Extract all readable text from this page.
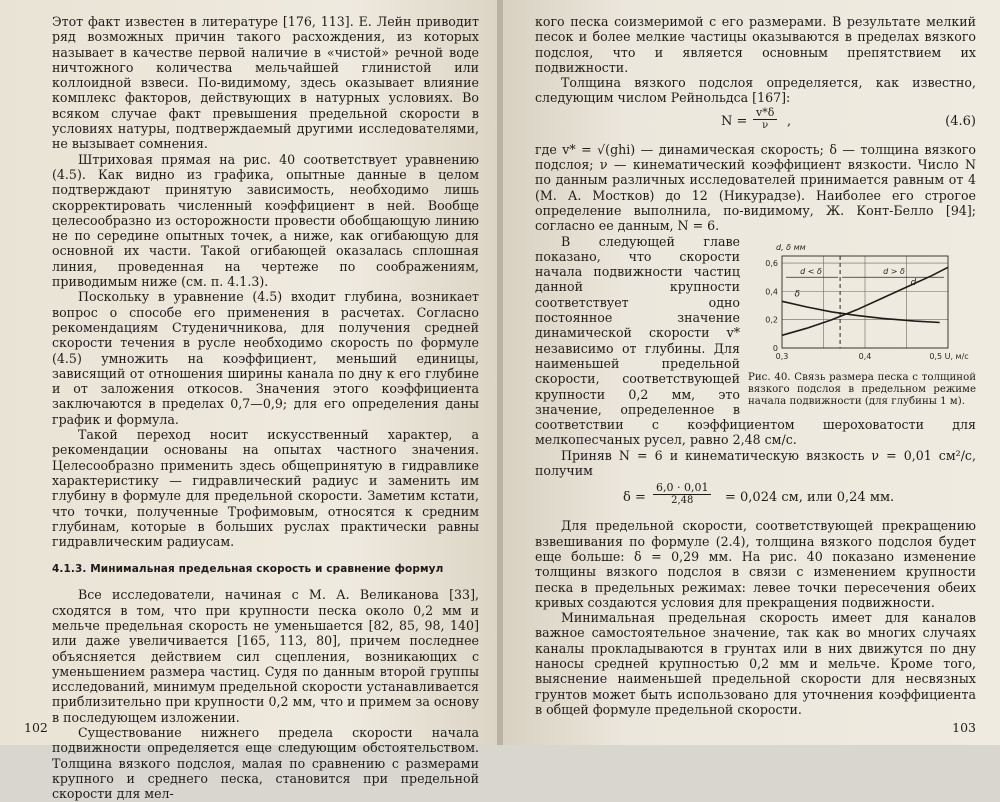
Этот факт известен в литературе [176, 113]. Е. Лейн приводит ряд возможных причин такого расхождения, из которых называет в качестве первой наличие в «чистой» речной воде ничтожного количества мельчайшей глинистой или коллоидной взвеси. По-видимому, здесь оказывает влияние комплекс факторов, действующих в натурных условиях. Во всяком случае факт превышения предельной скорости в условиях натуры, подтверждаемый другими исследователями, не вызывает сомнения.

Штриховая прямая на рис. 40 соответствует уравнению (4.5). Как видно из графика, опытные данные в целом подтверждают принятую зависимость, необходимо лишь скорректировать численный коэффициент в ней. Вообще целесообразно из осторожности провести обобщающую линию не по середине опытных точек, а ниже, как огибающую для основной их части. Такой огибающей оказалась сплошная линия, проведенная на чертеже по соображениям, приводимым ниже (см. п. 4.1.3).

Поскольку в уравнение (4.5) входит глубина, возникает вопрос о способе его применения в расчетах. Согласно рекомендациям Студеничникова, для получения средней скорости течения в русле необходимо скорость по формуле (4.5) умножить на коэффициент, меньший единицы, зависящий от отношения ширины канала по дну к его глубине и от заложения откосов. Значения этого коэффициента заключаются в пределах 0,7—0,9; для его определения даны график и формула.

Такой переход носит искусственный характер, а рекомендации основаны на опытах частного значения. Целесообразно применить здесь общепринятую в гидравлике характеристику — гидравлический радиус и заменить им глубину в формуле для предельной скорости. Заметим кстати, что точки, полученные Трофимовым, относятся к средним глубинам, которые в больших руслах практически равны гидравлическим радиусам.

4.1.3. Минимальная предельная скорость и сравнение формул

Все исследователи, начиная с М. А. Великанова [33], сходятся в том, что при крупности песка около 0,2 мм и мельче предельная скорость не уменьшается [82, 85, 98, 140] или даже увеличивается [165, 113, 80], причем последнее объясняется действием сил сцепления, возникающих с уменьшением размера частиц. Судя по данным второй группы исследований, минимум предельной скорости устанавливается приблизительно при крупности 0,2 мм, что и примем за основу в последующем изложении.

Существование нижнего предела скорости начала подвижности определяется еще следующим обстоятельством. Толщина вязкого подслоя, малая по сравнению с размерами крупного и среднего песка, становится при предельной скорости для мел-

102

кого песка соизмеримой с его размерами. В результате мелкий песок и более мелкие частицы оказываются в пределах вязкого подслоя, что и является основным препятствием их подвижности.

Толщина вязкого подслоя определяется, как известно, следующим числом Рейнольдса [167]:

$N = \frac{v*\delta}{\nu}$ ,	(4.6)

где v* = √(ghi) — динамическая скорость; δ — толщина вязкого подслоя; ν — кинематический коэффициент вязкости. Число N по данным различных исследователей принимается равным от 4 (М. А. Мостков) до 12 (Никурадзе). Наиболее его строгое определение выполнила, по-видимому, Ж. Конт-Белло [94]; согласно ее данным, N = 6.

0
0,2
0,4
0,6
0,3	0,4	0,5 U, м/с
d, δ мм
d < δ	d > δ
δ
d
Рис. 40. Связь размера песка с толщиной вязкого подслоя в предельном режиме начала подвижности (для глубины 1 м).

В следующей главе показано, что скорости начала подвижности частиц данной крупности соответствует одно постоянное значение динамической скорости v* независимо от глубины. Для наименьшей предельной скорости, соответствующей крупности 0,2 мм, это значение, определенное в соответствии с коэффициентом шероховатости для мелкопесчаных русел, равно 2,48 см/с.

Приняв N = 6 и кинематическую вязкость ν = 0,01 см²/с, получим

$\delta = \frac{6,0 \cdot 0,01}{2,48} = 0,024$ см, или 0,24 мм.

Для предельной скорости, соответствующей прекращению взвешивания по формуле (2.4), толщина вязкого подслоя будет еще больше: δ = 0,29 мм. На рис. 40 показано изменение толщины вязкого подслоя в связи с изменением крупности песка в предельных режимах: левее точки пересечения обеих кривых создаются условия для прекращения подвижности.

Минимальная предельная скорость имеет для каналов важное самостоятельное значение, так как во многих случаях каналы прокладываются в грунтах или в них движутся по дну наносы средней крупностью 0,2 мм и мельче. Кроме того, выяснение наименьшей предельной скорости для несвязных грунтов может быть использовано для уточнения коэффициента в общей формуле предельной скорости.

103
